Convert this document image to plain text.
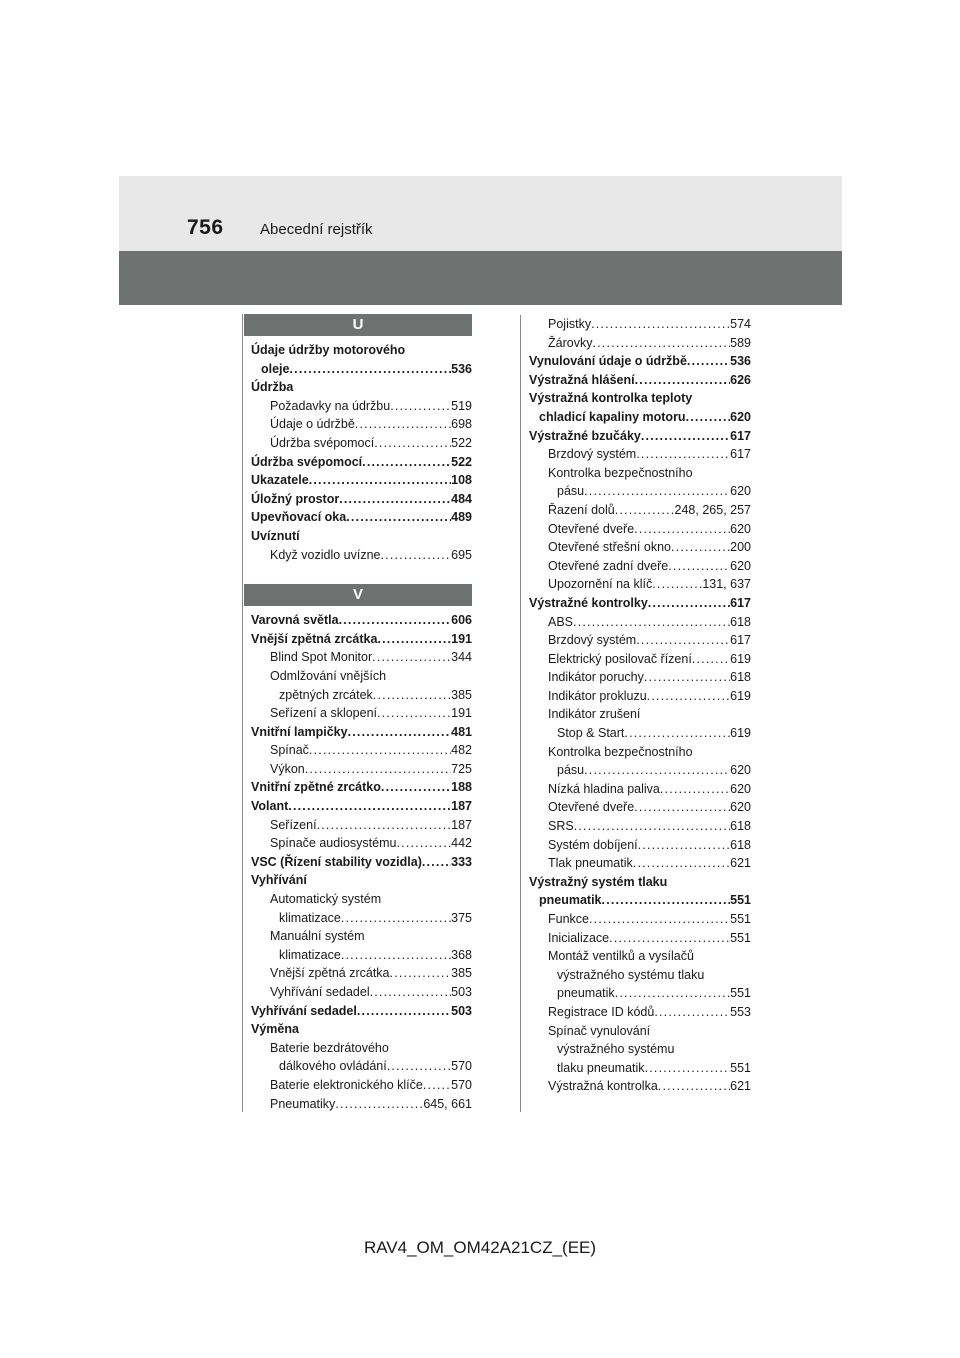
756 Abecední rejstřík
U
Údaje údržby motorového
oleje .....	536
Údržba
Požadavky na údržbu .....	519
Údaje o údržbě .....	698
Údržba svépomocí .....	522
Údržba svépomocí .....	522
Ukazatele .....	108
Úložný prostor .....	484
Upevňovací oka .....	489
Uvíznutí
Když vozidlo uvízne .....	695
V
Varovná světla .....	606
Vnější zpětná zrcátka .....	191
Blind Spot Monitor .....	344
Odmlžování vnějších
zpětných zrcátek .....	385
Seřízení a sklopení .....	191
Vnitřní lampičky .....	481
Spínač .....	482
Výkon .....	725
Vnitřní zpětné zrcátko .....	188
Volant .....	187
Seřízení .....	187
Spínače audiosystému .....	442
VSC (Řízení stability vozidla) ..... 333
Vyhřívání
Automatický systém
klimatizace .....	375
Manuální systém
klimatizace .....	368
Vnější zpětná zrcátka .....	385
Vyhřívání sedadel .....	503
Vyhřívání sedadel .....	503
Výměna
Baterie bezdrátového
dálkového ovládání .....	570
Baterie elektronického klíče ..... 570
Pneumatiky .....	645, 661
Pojistky .....	574
Žárovky .....	589
Vynulování údaje o údržbě .....	536
Výstražná hlášení .....	626
Výstražná kontrolka teploty
chladicí kapaliny motoru .....	620
Výstražné bzučáky .....	617
Brzdový systém .....	617
Kontrolka bezpečnostního
pásu .....	620
Řazení dolů .....	248, 265, 257
Otevřené dveře .....	620
Otevřené střešní okno .....	200
Otevřené zadní dveře .....	620
Upozornění na klíč .....	131, 637
Výstražné kontrolky .....	617
ABS .....	618
Brzdový systém .....	617
Elektrický posilovač řízení .....	619
Indikátor poruchy .....	618
Indikátor prokluzu .....	619
Indikátor zrušení
Stop & Start .....	619
Kontrolka bezpečnostního
pásu .....	620
Nízká hladina paliva .....	620
Otevřené dveře .....	620
SRS .....	618
Systém dobíjení .....	618
Tlak pneumatik .....	621
Výstražný systém tlaku
pneumatik .....	551
Funkce .....	551
Inicializace .....	551
Montáž ventilků a vysílačů
výstražného systému tlaku
pneumatik .....	551
Registrace ID kódů .....	553
Spínač vynulování
výstražného systému
tlaku pneumatik .....	551
Výstražná kontrolka .....	621
RAV4_OM_OM42A21CZ_(EE)
